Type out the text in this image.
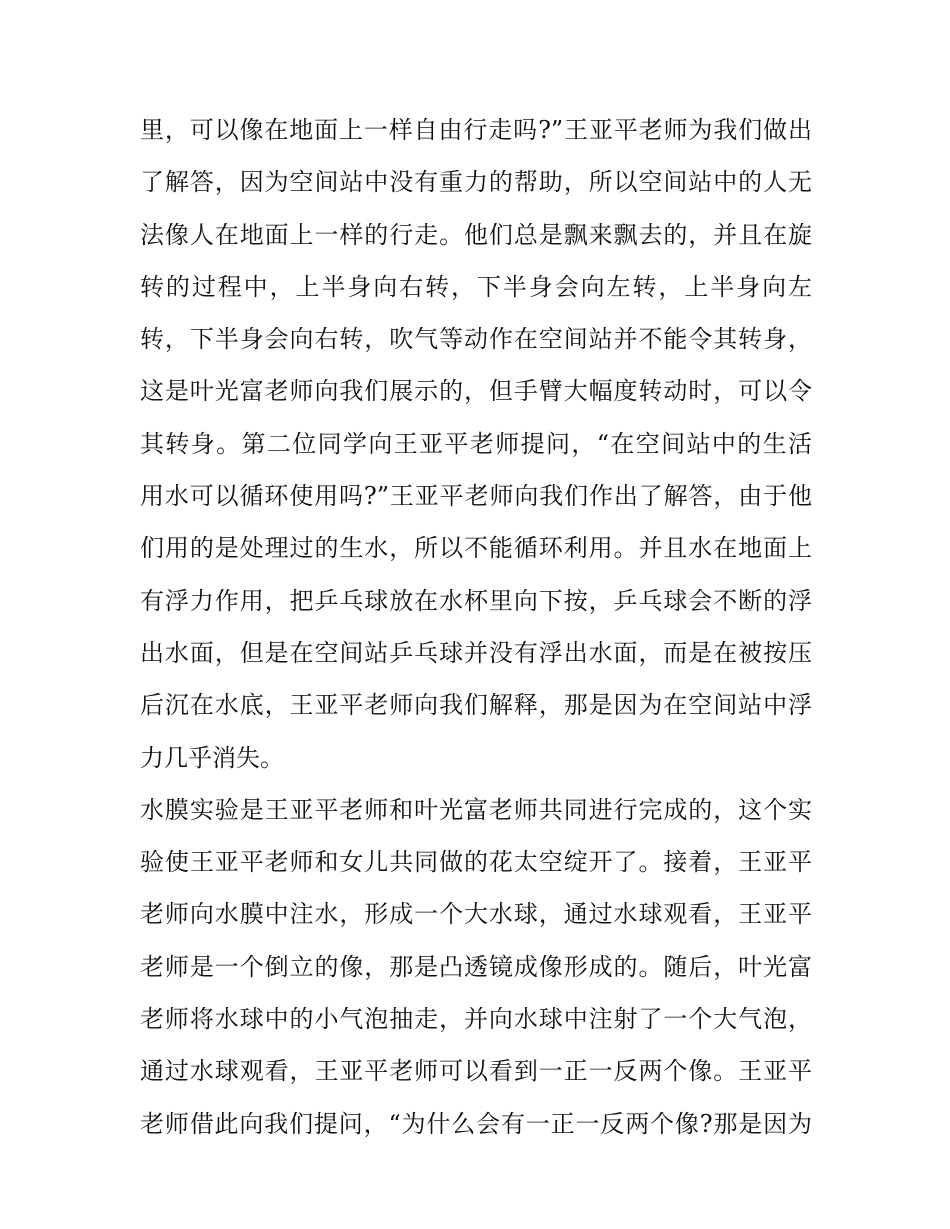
里，可以像在地面上一样自由行走吗?”王亚平老师为我们做出
了解答，因为空间站中没有重力的帮助，所以空间站中的人无
法像人在地面上一样的行走。他们总是飘来飘去的，并且在旋
转的过程中，上半身向右转，下半身会向左转，上半身向左
转，下半身会向右转，吹气等动作在空间站并不能令其转身，
这是叶光富老师向我们展示的，但手臂大幅度转动时，可以令
其转身。第二位同学向王亚平老师提问，“在空间站中的生活
用水可以循环使用吗?”王亚平老师向我们作出了解答，由于他
们用的是处理过的生水，所以不能循环利用。并且水在地面上
有浮力作用，把乒乓球放在水杯里向下按，乒乓球会不断的浮
出水面，但是在空间站乒乓球并没有浮出水面，而是在被按压
后沉在水底，王亚平老师向我们解释，那是因为在空间站中浮
力几乎消失。
水膜实验是王亚平老师和叶光富老师共同进行完成的，这个实
验使王亚平老师和女儿共同做的花太空绽开了。接着，王亚平
老师向水膜中注水，形成一个大水球，通过水球观看，王亚平
老师是一个倒立的像，那是凸透镜成像形成的。随后，叶光富
老师将水球中的小气泡抽走，并向水球中注射了一个大气泡，
通过水球观看，王亚平老师可以看到一正一反两个像。王亚平
老师借此向我们提问，“为什么会有一正一反两个像?那是因为
